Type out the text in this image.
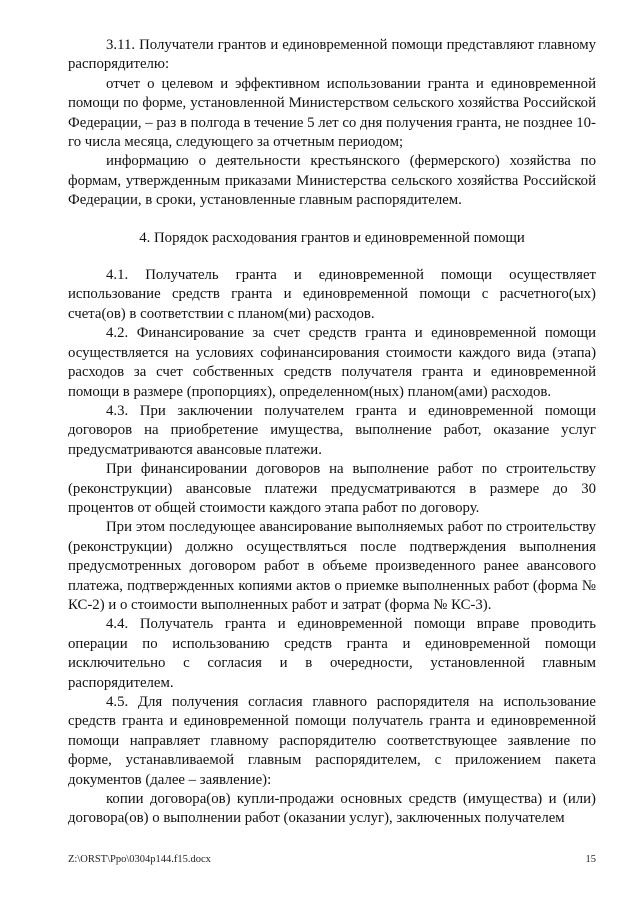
3.11. Получатели грантов и единовременной помощи представляют главному распорядителю:

отчет о целевом и эффективном использовании гранта и единовременной помощи по форме, установленной Министерством сельского хозяйства Российской Федерации, – раз в полгода в течение 5 лет со дня получения гранта, не позднее 10-го числа месяца, следующего за отчетным периодом;

информацию о деятельности крестьянского (фермерского) хозяйства по формам, утвержденным приказами Министерства сельского хозяйства Российской Федерации, в сроки, установленные главным распорядителем.

4. Порядок расходования грантов и единовременной помощи

4.1. Получатель гранта и единовременной помощи осуществляет использование средств гранта и единовременной помощи с расчетного(ых) счета(ов) в соответствии с планом(ми) расходов.

4.2. Финансирование за счет средств гранта и единовременной помощи осуществляется на условиях софинансирования стоимости каждого вида (этапа) расходов за счет собственных средств получателя гранта и единовременной помощи в размере (пропорциях), определенном(ных) планом(ами) расходов.

4.3. При заключении получателем гранта и единовременной помощи договоров на приобретение имущества, выполнение работ, оказание услуг предусматриваются авансовые платежи.

При финансировании договоров на выполнение работ по строительству (реконструкции) авансовые платежи предусматриваются в размере до 30 процентов от общей стоимости каждого этапа работ по договору.

При этом последующее авансирование выполняемых работ по строительству (реконструкции) должно осуществляться после подтверждения выполнения предусмотренных договором работ в объеме произведенного ранее авансового платежа, подтвержденных копиями актов о приемке выполненных работ (форма № КС-2) и о стоимости выполненных работ и затрат (форма № КС-3).

4.4. Получатель гранта и единовременной помощи вправе проводить операции по использованию средств гранта и единовременной помощи исключительно с согласия и в очередности, установленной главным распорядителем.

4.5. Для получения согласия главного распорядителя на использование средств гранта и единовременной помощи получатель гранта и единовременной помощи направляет главному распорядителю соответствующее заявление по форме, устанавливаемой главным распорядителем, с приложением пакета документов (далее – заявление):

копии договора(ов) купли-продажи основных средств (имущества) и (или) договора(ов) о выполнении работ (оказании услуг), заключенных получателем

Z:\ORST\Ppo\0304p144.f15.docx	15
